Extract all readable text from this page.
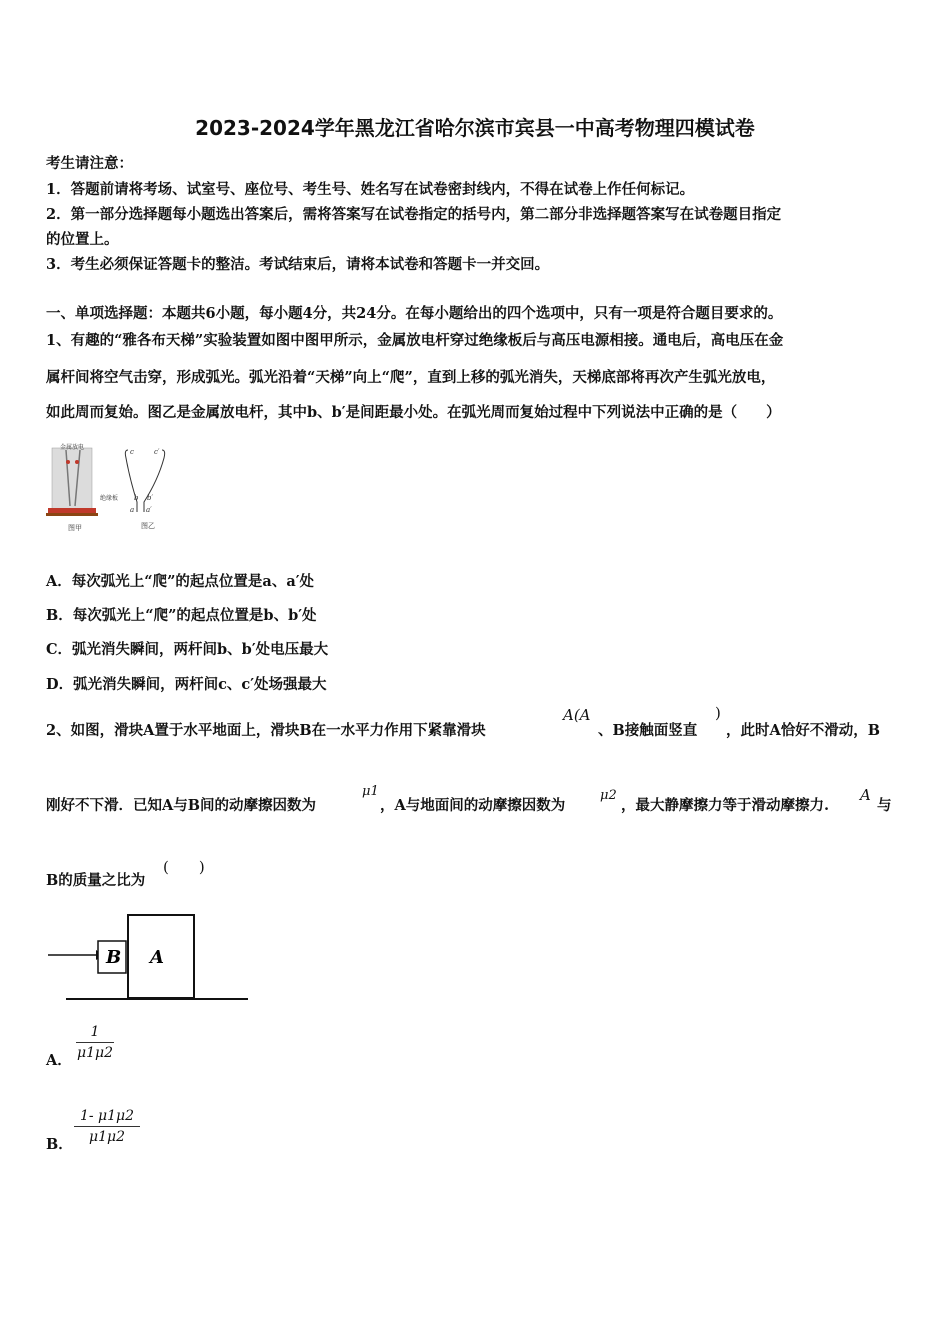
2023-2024学年黑龙江省哈尔滨市宾县一中高考物理四模试卷
考生请注意：
1．答题前请将考场、试室号、座位号、考生号、姓名写在试卷密封线内，不得在试卷上作任何标记。
2．第一部分选择题每小题选出答案后，需将答案写在试卷指定的括号内，第二部分非选择题答案写在试卷题目指定
的位置上。
3．考生必须保证答题卡的整洁。考试结束后，请将本试卷和答题卡一并交回。
一、单项选择题：本题共6小题，每小题4分，共24分。在每小题给出的四个选项中，只有一项是符合题目要求的。
1、有趣的“雅各布天梯”实验装置如图中图甲所示，金属放电杆穿过绝缘板后与高压电源相接。通电后，高电压在金
属杆间将空气击穿，形成弧光。弧光沿着“天梯”向上“爬”，直到上移的弧光消失，天梯底部将再次产生弧光放电，
如此周而复始。图乙是金属放电杆，其中b、b′是间距最小处。在弧光周而复始过程中下列说法中正确的是（　　）
金属放电
绝缘板
图甲
c	c′
b b′
a a′
图乙
A．每次弧光上“爬”的起点位置是a、a′处
B．每次弧光上“爬”的起点位置是b、b′处
C．弧光消失瞬间，两杆间b、b′处电压最大
D．弧光消失瞬间，两杆间c、c′处场强最大
2、如图，滑块A置于水平地面上，滑块B在一水平力作用下紧靠滑块
A(A
、B接触面竖直
)
，此时A恰好不滑动，B
刚好不下滑．已知A与B间的动摩擦因数为
μ1
，A与地面间的动摩擦因数为
μ2
，最大静摩擦力等于滑动摩擦力.
A
与
B的质量之比为
(　　)
B A
A． $\frac{1}{\mu 1\mu 2}$
B． $\frac{1- \mu 1\mu 2}{\mu 1\mu 2}$
